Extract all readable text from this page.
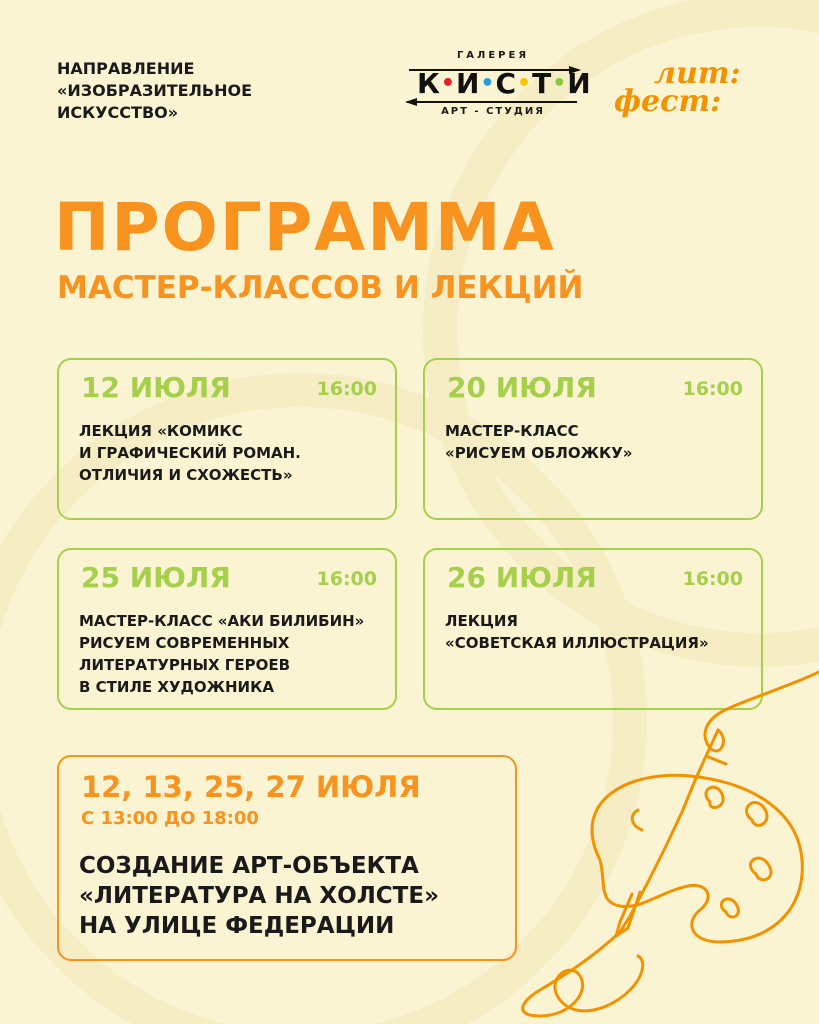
НАПРАВЛЕНИЕ
«ИЗОБРАЗИТЕЛЬНОЕ
ИСКУССТВО»
ГАЛЕРЕЯ
К•И•С•Т•И
АРТ - СТУДИЯ
лит:
фест:
ПРОГРАММА
МАСТЕР-КЛАССОВ И ЛЕКЦИЙ
12 ИЮЛЯ	16:00
ЛЕКЦИЯ «КОМИКС
И ГРАФИЧЕСКИЙ РОМАН.
ОТЛИЧИЯ И СХОЖЕСТЬ»
20 ИЮЛЯ	16:00
МАСТЕР-КЛАСС
«РИСУЕМ ОБЛОЖКУ»
25 ИЮЛЯ	16:00
МАСТЕР-КЛАСС «АКИ БИЛИБИН»
РИСУЕМ СОВРЕМЕННЫХ
ЛИТЕРАТУРНЫХ ГЕРОЕВ
В СТИЛЕ ХУДОЖНИКА
26 ИЮЛЯ	16:00
ЛЕКЦИЯ
«СОВЕТСКАЯ ИЛЛЮСТРАЦИЯ»
12, 13, 25, 27 ИЮЛЯ
С 13:00 ДО 18:00
СОЗДАНИЕ АРТ-ОБЪЕКТА
«ЛИТЕРАТУРА НА ХОЛСТЕ»
НА УЛИЦЕ ФЕДЕРАЦИИ
